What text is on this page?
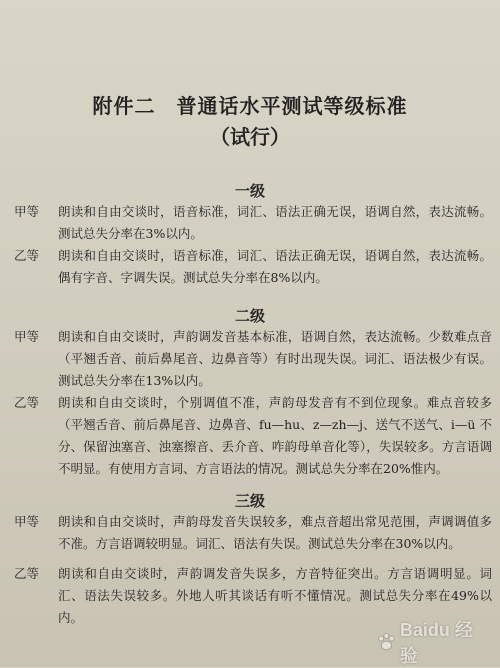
附件二　普通话水平测试等级标准
（试行）
一级
甲等	朗读和自由交谈时，语音标准，词汇、语法正确无误，语调自然，表达流畅。测试总失分率在3%以内。
乙等	朗读和自由交谈时，语音标准，词汇、语法正确无误，语调自然，表达流畅。偶有字音、字调失误。测试总失分率在8%以内。
二级
甲等	朗读和自由交谈时，声韵调发音基本标准，语调自然，表达流畅。少数难点音（平翘舌音、前后鼻尾音、边鼻音等）有时出现失误。词汇、语法极少有误。测试总失分率在13%以内。
乙等	朗读和自由交谈时，个别调值不准，声韵母发音有不到位现象。难点音较多（平翘舌音、前后鼻尾音、边鼻音、fu—hu、z—zh—j、送气不送气、i—ü 不分、保留浊塞音、浊塞擦音、丢介音、咋韵母单音化等），失误较多。方言语调不明显。有使用方言词、方言语法的情况。测试总失分率在20%惟内。
三级
甲等	朗读和自由交谈时，声韵母发音失误较多，难点音超出常见范围，声调调值多不准。方言语调较明显。词汇、语法有失误。测试总失分率在30%以内。
乙等	朗读和自由交谈时，声韵调发音失误多，方音特征突出。方言语调明显。词汇、语法失误较多。外地人听其谈话有听不懂情况。测试总失分率在49%以内。
Baidu 经验
